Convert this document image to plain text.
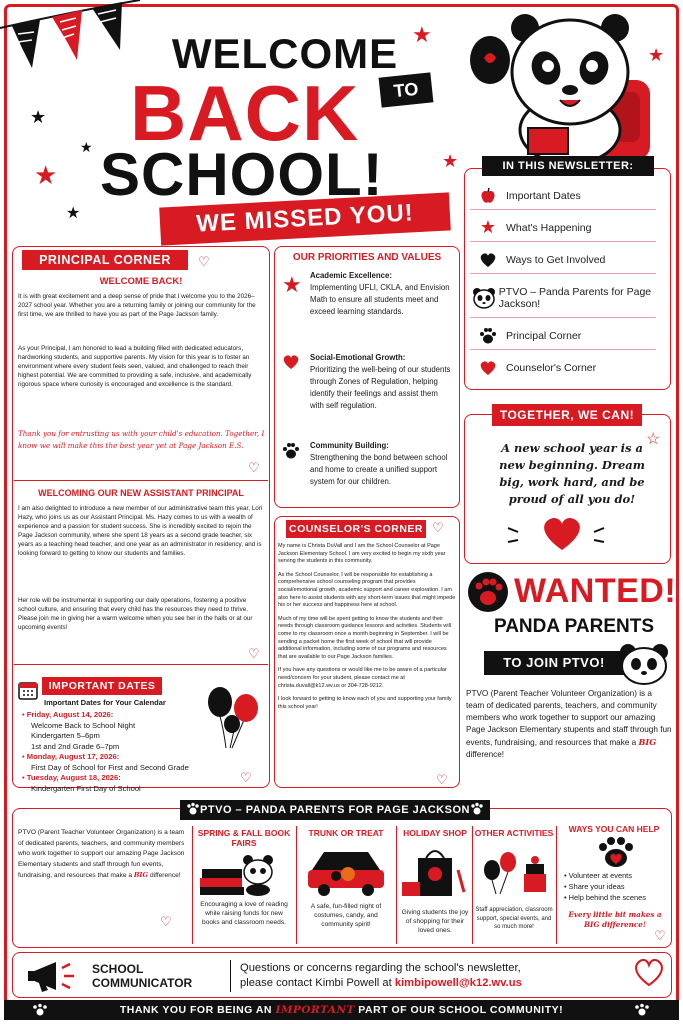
WELCOME
BACK	TO
SCHOOL!
WE MISSED YOU!
★
★
★
★
★
★
★
IN THIS NEWSLETTER:
Important Dates
★ What's Happening
Ways to Get Involved
PTVO – Panda Parents for Page Jackson!
Principal Corner
Counselor's Corner
TOGETHER, WE CAN!
A new school year is a new beginning. Dream big, work hard, and be proud of all you do!
☆
WANTED!
PANDA PARENTS
TO JOIN PTVO!
PTVO (Parent Teacher Volunteer Organization) is a team of dedicated parents, teachers, and community members who work together to support our amazing Page Jackson Elementary stupents and staff through fun events, fundraising, and resources that make a BIG difference!
PRINCIPAL CORNER	♡
WELCOME BACK!
It is with great excitement and a deep sense of pride that I welcome you to the 2026–2027 school year. Whether you are a returning family or joining our community for the first time, we are thrilled to have you as part of the Page Jackson family.
As your Principal, I am honored to lead a building filled with dedicated educators, hardworking students, and supportive parents. My vision for this year is to foster an environment where every student feels seen, valued, and challenged to reach their highest potential. We are committed to providing a safe, inclusive, and academically rigorous space where curiosity is encouraged and excellence is the standard.
Thank you for entrusting us with your child's education. Together, I know we will make this the best year yet at Page Jackson E.S.
♡
WELCOMING OUR NEW ASSISTANT PRINCIPAL
I am also delighted to introduce a new member of our administrative team this year, Lori Hazy, who joins us as our Assistant Principal. Ms. Hazy comes to us with a wealth of experience and a passion for student success. She is incredibly excited to rejoin the Page Jackson community, where she spent 18 years as a second grade teacher, six years as a teaching head teacher, and one year as an administrator in residency, and is looking forward to getting to know our students and families.
Her role will be instrumental in supporting our daily operations, fostering a positive school culture, and ensuring that every child has the resources they need to thrive. Please join me in giving her a warm welcome when you see her in the halls or at our upcoming events!
♡
IMPORTANT DATES
Important Dates for Your Calendar
• Friday, August 14, 2026:
Welcome Back to School Night
Kindergarten 5–6pm
1st and 2nd Grade 6–7pm
• Monday, August 17, 2026:
First Day of School for First and Second Grade
• Tuesday, August 18, 2026:
Kindergarten First Day of School
♡
OUR PRIORITIES AND VALUES
★ Academic Excellence:
Implementing UFLI, CKLA, and Envision Math to ensure all students meet and exceed learning standards.
Social-Emotional Growth:
Prioritizing the well-being of our students through Zones of Regulation, helping identify their feelings and assist them with self regulation.
Community Building:
Strengthening the bond between school and home to create a unified support system for our children.
COUNSELOR'S CORNER ♡
My name is Christa DuVall and I am the School Counselor at Page Jackson Elementary School. I am very excited to begin my sixth year serving the students in this community.
As the School Counselor, I will be responsible for establishing a comprehensive school counseling program that provides social/emotional growth, academic support and career exploration. I am also here to assist students with any short-term issues that might impede his or her success and happiness here at school.
Much of my time will be spent getting to know the students and their needs through classroom guidance lessons and activities. Students will come to my classroom once a month beginning in September. I will be sending a packet home the first week of school that will provide additional information, including some of our programs and resources that are available to our Page Jackson families.
If you have any questions or would like me to be aware of a particular need/concern for your student, please contact me at christa.duvall@k12.wv.us or 304-728-9212.
I look forward to getting to know each of you and supporting your family this school year!
♡
PTVO – PANDA PARENTS FOR PAGE JACKSON
PTVO (Parent Teacher Volunteer Organization) is a team of dedicated parents, teachers, and community members who work together to support our amazing Page Jackson Elementary students and staff through fun events, fundraising, and resources that make a BIG difference!
♡
SPRING & FALL BOOK FAIRS
Encouraging a love of reading while raising funds for new books and classroom needs.
TRUNK OR TREAT
A safe, fun-filled night of costumes, candy, and community spirit!
HOLIDAY SHOP
Giving students the joy of shopping for their loved ones.
OTHER ACTIVITIES
Staff appreciation, classroom support, special events, and so much more!
WAYS YOU CAN HELP
• Volunteer at events
• Share your ideas
• Help behind the scenes
Every little bit makes a BIG difference!
♡
SCHOOL
COMMUNICATOR
Questions or concerns regarding the school's newsletter,
please contact Kimbi Powell at kimbipowell@k12.wv.us
THANK YOU FOR BEING AN IMPORTANT PART OF OUR SCHOOL COMMUNITY!
